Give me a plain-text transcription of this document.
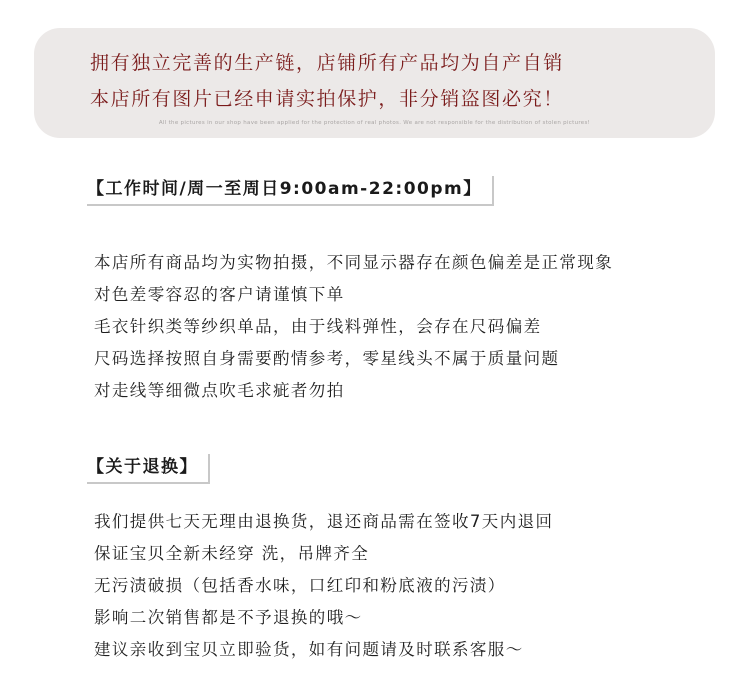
拥有独立完善的生产链，店铺所有产品均为自产自销
本店所有图片已经申请实拍保护，非分销盗图必究！
All the pictures in our shop have been applied for the protection of real photos. We are not responsible for the distribution of stolen pictures!
【工作时间/周一至周日9:00am-22:00pm】
本店所有商品均为实物拍摄，不同显示器存在颜色偏差是正常现象
对色差零容忍的客户请谨慎下单
毛衣针织类等纱织单品，由于线料弹性，会存在尺码偏差
尺码选择按照自身需要酌情参考，零星线头不属于质量问题
对走线等细微点吹毛求疵者勿拍
【关于退换】
我们提供七天无理由退换货，退还商品需在签收7天内退回
保证宝贝全新未经穿 洗，吊牌齐全
无污渍破损（包括香水味，口红印和粉底液的污渍）
影响二次销售都是不予退换的哦～
建议亲收到宝贝立即验货，如有问题请及时联系客服～
